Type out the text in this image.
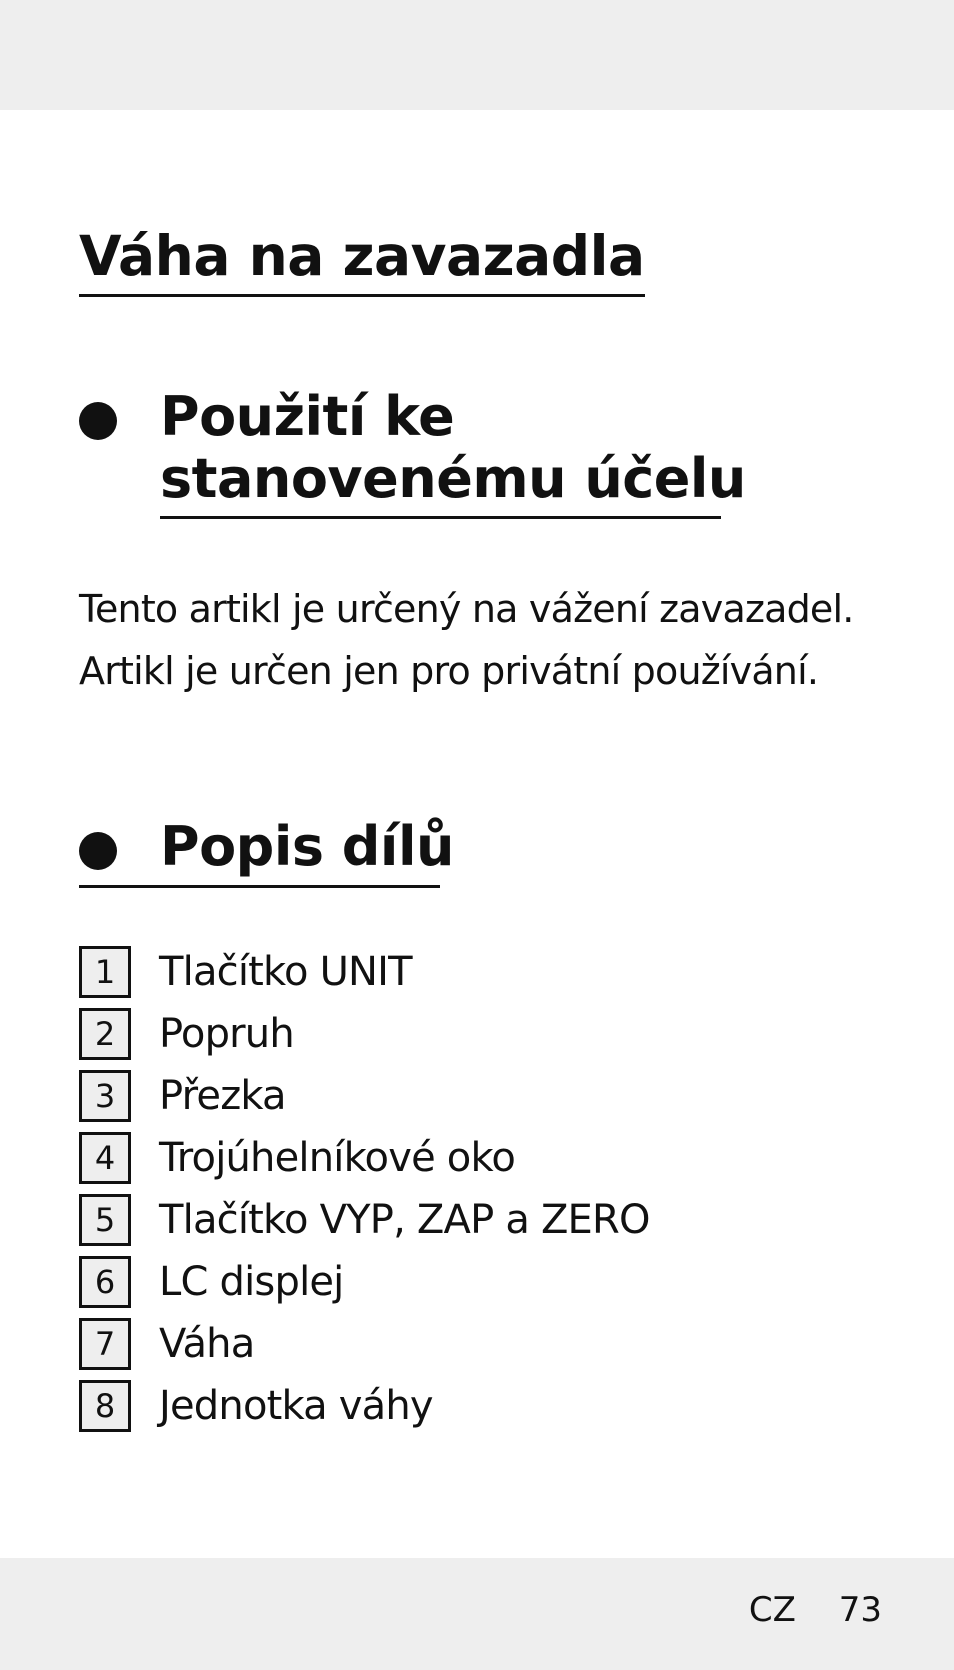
Váha na zavazadla
Použití ke
stanovenému účelu
Tento artikl je určený na vážení zavazadel.
Artikl je určen jen pro privátní používání.
Popis dílů
1	Tlačítko UNIT
2	Popruh
3	Přezka
4	Trojúhelníkové oko
5	Tlačítko VYP, ZAP a ZERO
6	LC displej
7	Váha
8	Jednotka váhy
CZ 73
